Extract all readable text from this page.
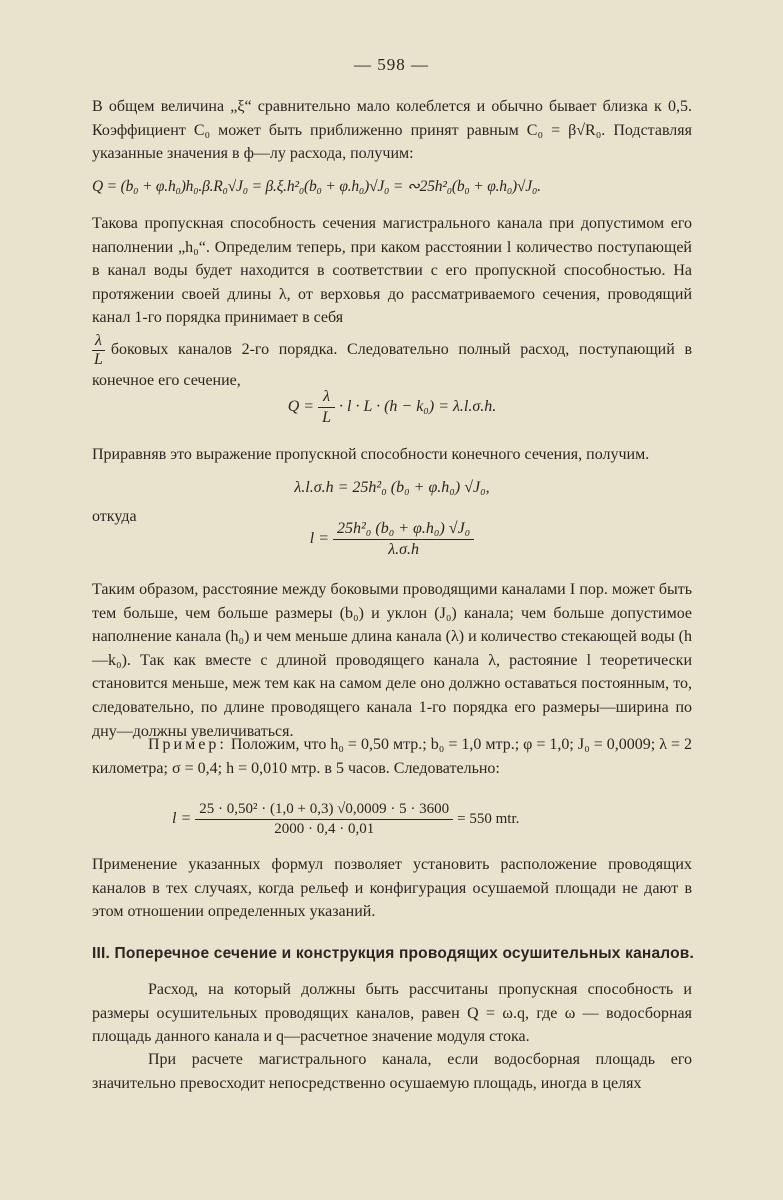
— 598 —

В общем величина „ξ“ сравнительно мало колеблется и обычно бывает близка к 0,5. Коэффициент C₀ может быть приближенно принят равным C₀ = β√R₀. Подставляя указанные значения в ф—лу расхода, получим:

Q = (b₀ + φ.h₀)h₀.β.R₀√J₀ = β.ξ.h²₀(b₀ + φ.h₀)√J₀ = ∾25h²₀(b₀ + φ.h₀)√J₀.

Такова пропускная способность сечения магистрального канала при допустимом его наполнении „h₀“. Определим теперь, при каком расстоянии l количество поступающей в канал воды будет находится в соответствии с его пропускной способностью. На протяжении своей длины λ, от верховья до рассматриваемого сечения, проводящий канал 1-го порядка принимает в себя

$\frac{\lambda}{L}$ боковых каналов 2-го порядка. Следовательно полный расход, поступающий в конечное его сечение,

$Q = \frac{\lambda}{L} \cdot l \cdot L \cdot (h - k_0) = \lambda.l.\sigma.h$.

Приравняв это выражение пропускной способности конечного сечения, получим.

λ.l.σ.h = 25h²₀ (b₀ + φ.h₀) √J₀,

откуда

$l = \frac{\text{25h²₀ (b₀ + φ.h₀) √J₀}}{\lambda.\sigma.h}$

Таким образом, расстояние между боковыми проводящими каналами I пор. может быть тем больше, чем больше размеры (b₀) и уклон (J₀) канала; чем больше допустимое наполнение канала (h₀) и чем меньше длина канала (λ) и количество стекающей воды (h—k₀). Так как вместе с длиной проводящего канала λ, растояние l теоретически становится меньше, меж тем как на самом деле оно должно оставаться постоянным, то, следовательно, по длине проводящего канала 1-го порядка его размеры—ширина по дну—должны увеличиваться.

Пример: Положим, что h₀ = 0,50 мтр.; b₀ = 1,0 мтр.; φ = 1,0; J₀ = 0,0009; λ = 2 километра; σ = 0,4; h = 0,010 мтр. в 5 часов. Следовательно:

$l = \frac{\text{25 · 0,50² · (1,0 + 0,3) √0,0009 · 5 · 3600}}{2000 \cdot 0,4 \cdot 0,01} = 550$ mtr.

Применение указанных формул позволяет установить расположение проводящих каналов в тех случаях, когда рельеф и конфигурация осушаемой площади не дают в этом отношении определенных указаний.

III. Поперечное сечение и конструкция проводящих осушительных каналов.

Расход, на который должны быть рассчитаны пропускная способность и размеры осушительных проводящих каналов, равен Q = ω.q, где ω — водосборная площадь данного канала и q—расчетное значение модуля стока.

При расчете магистрального канала, если водосборная площадь его значительно превосходит непосредственно осушаемую площадь, иногда в целях
